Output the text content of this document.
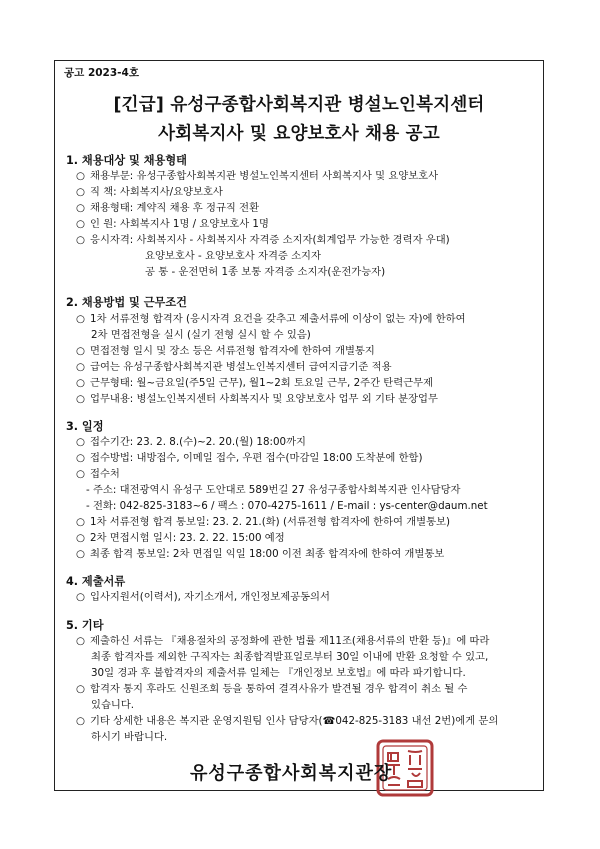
공고 2023-4호
[긴급] 유성구종합사회복지관 병설노인복지센터
사회복지사 및 요양보호사 채용 공고
1. 채용대상 및 채용형태
○ 채용부문: 유성구종합사회복지관 병설노인복지센터 사회복지사 및 요양보호사
○ 직 책: 사회복지사/요양보호사
○ 채용형태: 계약직 채용 후 정규직 전환
○ 인 원: 사회복지사 1명 / 요양보호사 1명
○ 응시자격: 사회복지사 - 사회복지사 자격증 소지자(회계업무 가능한 경력자 우대)
요양보호사 - 요양보호사 자격증 소지자
공 통 - 운전면허 1종 보통 자격증 소지자(운전가능자)
2. 채용방법 및 근무조건
○ 1차 서류전형 합격자 (응시자격 요건을 갖추고 제출서류에 이상이 없는 자)에 한하여
2차 면접전형을 실시 (실기 전형 실시 할 수 있음)
○ 면접전형 일시 및 장소 등은 서류전형 합격자에 한하여 개별통지
○ 급여는 유성구종합사회복지관 병설노인복지센터 급여지급기준 적용
○ 근무형태: 월~금요일(주5일 근무), 월1~2회 토요일 근무, 2주간 탄력근무제
○ 업무내용: 병설노인복지센터 사회복지사 및 요양보호사 업무 외 기타 분장업무
3. 일정
○ 접수기간: 23. 2. 8.(수)~2. 20.(월) 18:00까지
○ 접수방법: 내방접수, 이메일 접수, 우편 접수(마감일 18:00 도착분에 한함)
○ 접수처
- 주소: 대전광역시 유성구 도안대로 589번길 27 유성구종합사회복지관 인사담당자
- 전화: 042-825-3183~6 / 팩스 : 070-4275-1611 / E-mail : ys-center@daum.net
○ 1차 서류전형 합격 통보일: 23. 2. 21.(화) (서류전형 합격자에 한하여 개별통보)
○ 2차 면접시험 일시: 23. 2. 22. 15:00 예정
○ 최종 합격 통보일: 2차 면접일 익일 18:00 이전 최종 합격자에 한하여 개별통보
4. 제출서류
○ 입사지원서(이력서), 자기소개서, 개인정보제공동의서
5. 기타
○ 제출하신 서류는 『채용절차의 공정화에 관한 법률 제11조(채용서류의 반환 등)』에 따라
최종 합격자를 제외한 구직자는 최종합격발표일로부터 30일 이내에 반환 요청할 수 있고,
30일 경과 후 불합격자의 제출서류 일체는 『개인정보 보호법』에 따라 파기합니다.
○ 합격자 통지 후라도 신원조회 등을 통하여 결격사유가 발견될 경우 합격이 취소 될 수
있습니다.
○ 기타 상세한 내용은 복지관 운영지원팀 인사 담당자(☎042-825-3183 내선 2번)에게 문의
하시기 바랍니다.
유성구종합사회복지관장
